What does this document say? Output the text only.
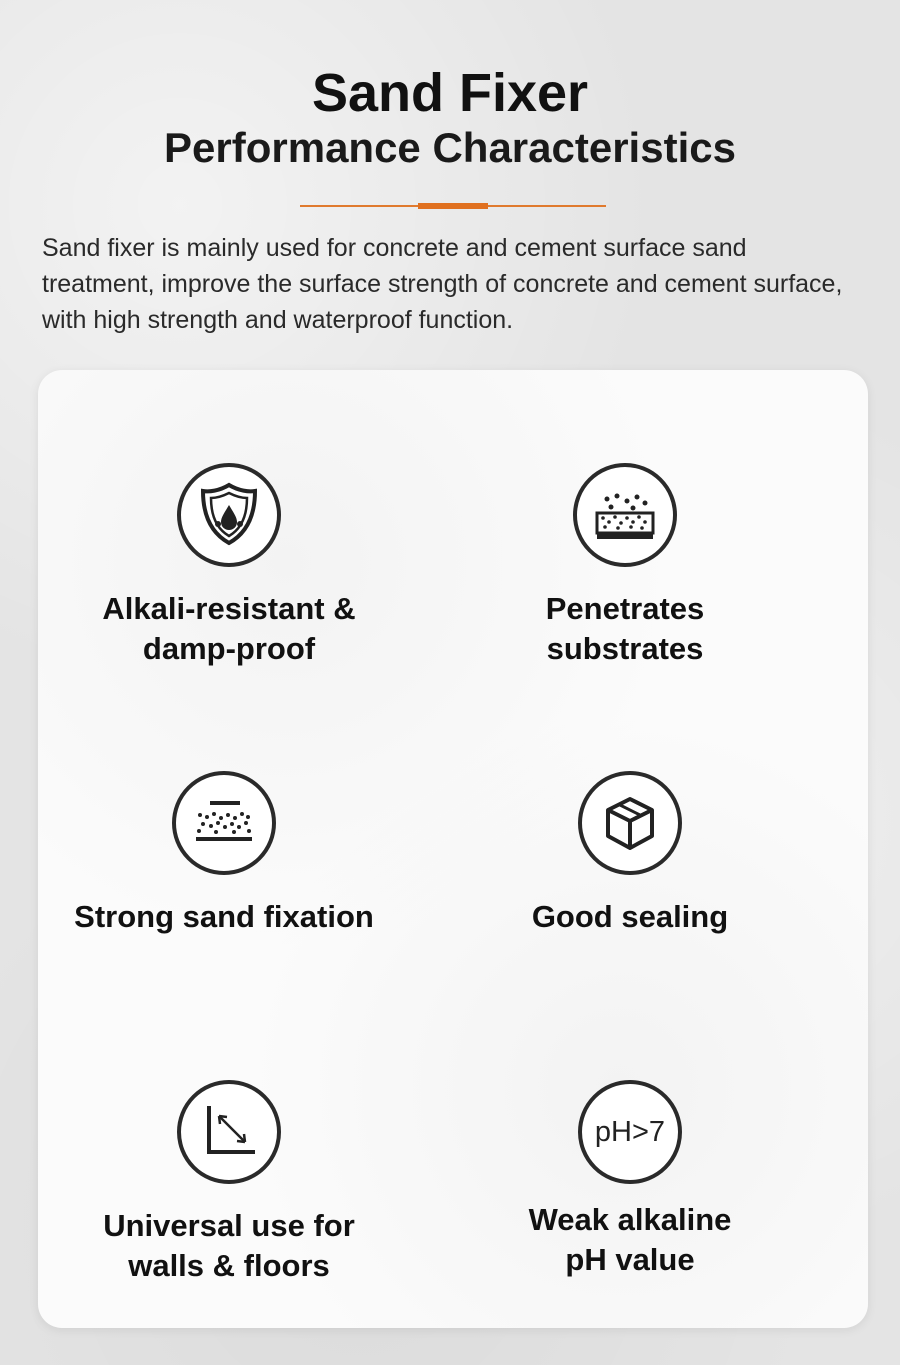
Sand Fixer
Performance Characteristics

Sand fixer is mainly used for concrete and cement surface sand treatment, improve the surface strength of concrete and cement surface, with high strength and waterproof function.

Alkali-resistant &
damp-proof
Penetrates
substrates
Strong sand fixation	Good sealing
Universal use for
walls & floors
pH>7
Weak alkaline
pH value
